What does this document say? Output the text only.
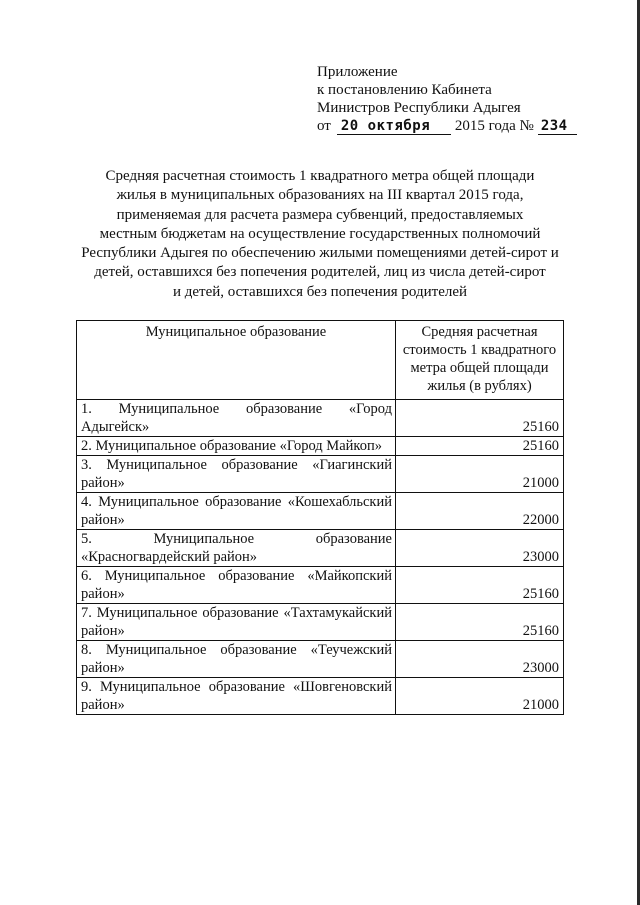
Приложение
к постановлению Кабинета
Министров Республики Адыгея
от 20 октября	2015 года № 234
Средняя расчетная стоимость 1 квадратного метра общей площади
жилья в муниципальных образованиях на III квартал 2015 года,
применяемая для расчета размера субвенций, предоставляемых
местным бюджетам на осуществление государственных полномочий
Республики Адыгея по обеспечению жилыми помещениями детей-сирот и
детей, оставшихся без попечения родителей, лиц из числа детей-сирот
и детей, оставшихся без попечения родителей
Муниципальное образование	Средняя расчетная стоимость 1 квадратного метра общей площади жилья (в рублях)
1. Муниципальное образование «Город Адыгейск»	25160
2. Муниципальное образование «Город Майкоп»	25160
3. Муниципальное образование «Гиагинский район»	21000
4. Муниципальное образование «Кошехабльский район»	22000
5. Муниципальное образование «Красногвардейский район»	23000
6. Муниципальное образование «Майкопский район»	25160
7. Муниципальное образование «Тахтамукайский район»	25160
8. Муниципальное образование «Теучежский район»	23000
9. Муниципальное образование «Шовгеновский район»	21000
